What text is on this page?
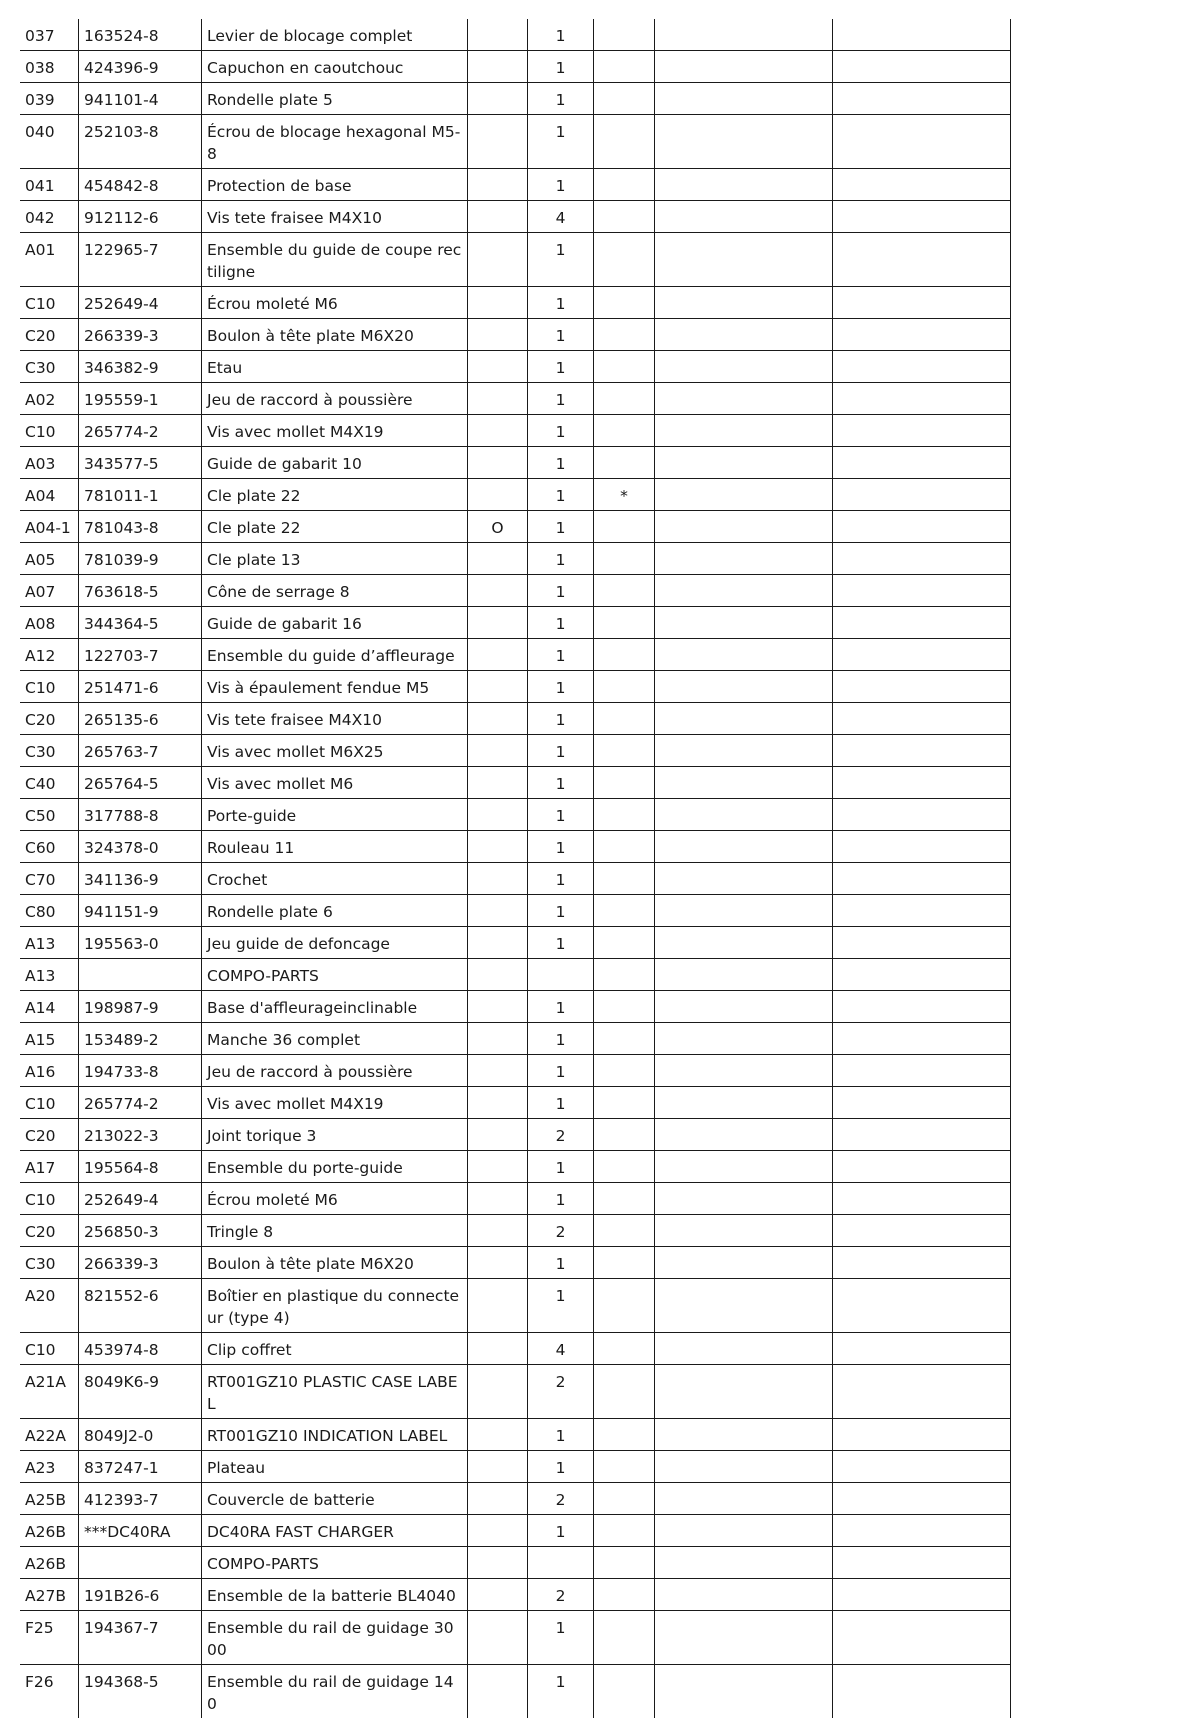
037	163524-8	Levier de blocage complet		1			
038	424396-9	Capuchon en caoutchouc		1			
039	941101-4	Rondelle plate 5		1			
040	252103-8	Écrou de blocage hexagonal M5-8		1			
041	454842-8	Protection de base		1			
042	912112-6	Vis tete fraisee M4X10		4			
A01	122965-7	Ensemble du guide de coupe rectiligne		1			
C10	252649-4	Écrou moleté M6		1			
C20	266339-3	Boulon à tête plate M6X20		1			
C30	346382-9	Etau		1			
A02	195559-1	Jeu de raccord à poussière		1			
C10	265774-2	Vis avec mollet M4X19		1			
A03	343577-5	Guide de gabarit 10		1			
A04	781011-1	Cle plate 22		1	*		
A04-1	781043-8	Cle plate 22	O	1			
A05	781039-9	Cle plate 13		1			
A07	763618-5	Cône de serrage 8		1			
A08	344364-5	Guide de gabarit 16		1			
A12	122703-7	Ensemble du guide d’affleurage		1			
C10	251471-6	Vis à épaulement fendue M5		1			
C20	265135-6	Vis tete fraisee M4X10		1			
C30	265763-7	Vis avec mollet M6X25		1			
C40	265764-5	Vis avec mollet M6		1			
C50	317788-8	Porte-guide		1			
C60	324378-0	Rouleau 11		1			
C70	341136-9	Crochet		1			
C80	941151-9	Rondelle plate 6		1			
A13	195563-0	Jeu guide de defoncage		1			
A13		COMPO-PARTS					
A14	198987-9	Base d'affleurageinclinable		1			
A15	153489-2	Manche 36 complet		1			
A16	194733-8	Jeu de raccord à poussière		1			
C10	265774-2	Vis avec mollet M4X19		1			
C20	213022-3	Joint torique 3		2			
A17	195564-8	Ensemble du porte-guide		1			
C10	252649-4	Écrou moleté M6		1			
C20	256850-3	Tringle 8		2			
C30	266339-3	Boulon à tête plate M6X20		1			
A20	821552-6	Boîtier en plastique du connecteur (type 4)		1			
C10	453974-8	Clip coffret		4			
A21A	8049K6-9	RT001GZ10 PLASTIC CASE LABEL		2			
A22A	8049J2-0	RT001GZ10 INDICATION LABEL		1			
A23	837247-1	Plateau		1			
A25B	412393-7	Couvercle de batterie		2			
A26B	***DC40RA	DC40RA FAST CHARGER		1			
A26B		COMPO-PARTS					
A27B	191B26-6	Ensemble de la batterie BL4040		2			
F25	194367-7	Ensemble du rail de guidage 3000		1			
F26	194368-5	Ensemble du rail de guidage 140		1			
